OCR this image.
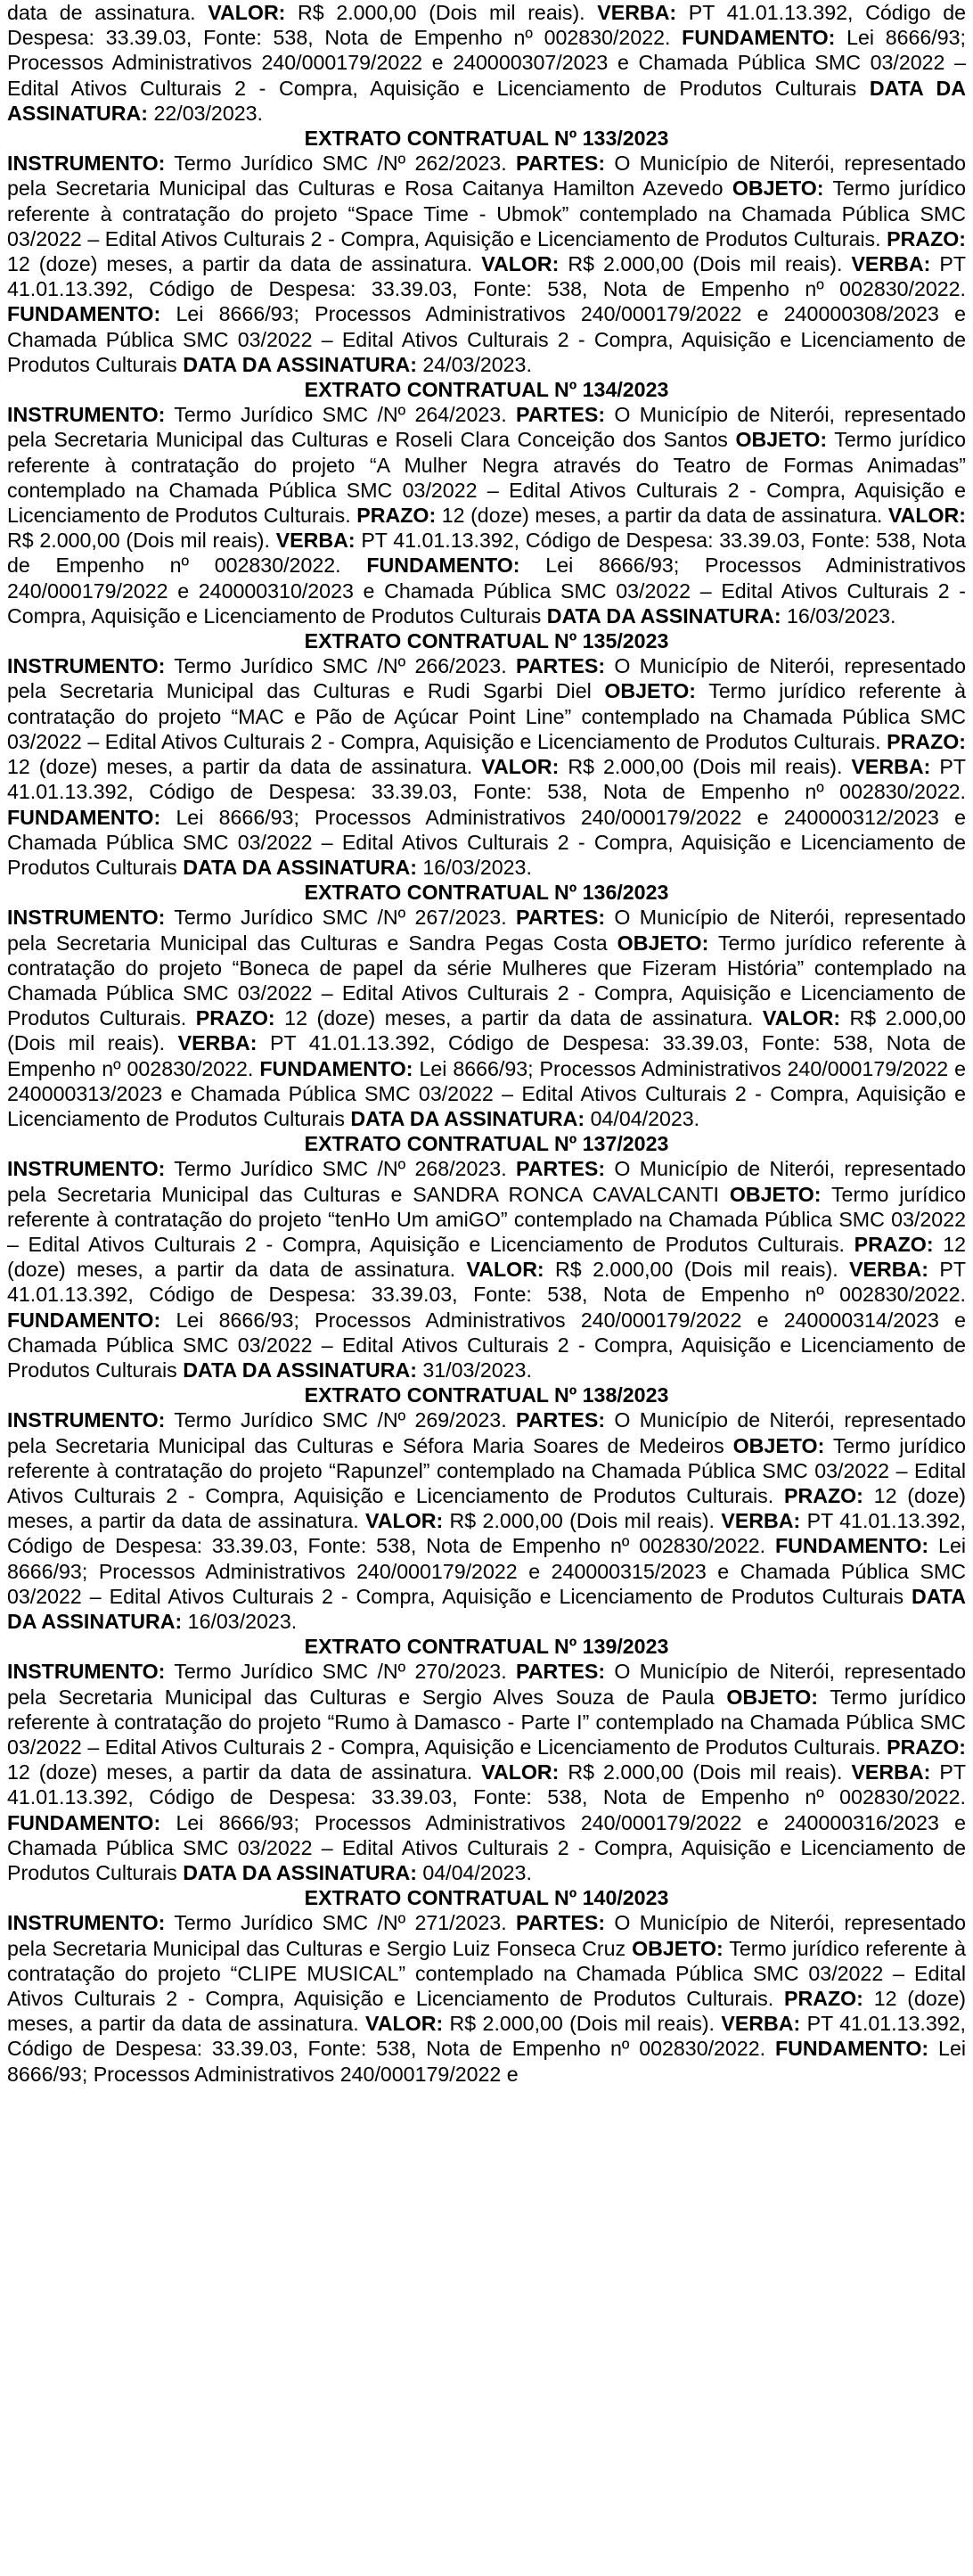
data de assinatura. VALOR: R$ 2.000,00 (Dois mil reais). VERBA: PT 41.01.13.392, Código de Despesa: 33.39.03, Fonte: 538, Nota de Empenho nº 002830/2022. FUNDAMENTO: Lei 8666/93; Processos Administrativos 240/000179/2022 e 240000307/2023 e Chamada Pública SMC 03/2022 – Edital Ativos Culturais 2 - Compra, Aquisição e Licenciamento de Produtos Culturais DATA DA ASSINATURA: 22/03/2023.

EXTRATO CONTRATUAL Nº 133/2023

INSTRUMENTO: Termo Jurídico SMC /Nº 262/2023. PARTES: O Município de Niterói, representado pela Secretaria Municipal das Culturas e Rosa Caitanya Hamilton Azevedo OBJETO: Termo jurídico referente à contratação do projeto “Space Time - Ubmok” contemplado na Chamada Pública SMC 03/2022 – Edital Ativos Culturais 2 - Compra, Aquisição e Licenciamento de Produtos Culturais. PRAZO: 12 (doze) meses, a partir da data de assinatura. VALOR: R$ 2.000,00 (Dois mil reais). VERBA: PT 41.01.13.392, Código de Despesa: 33.39.03, Fonte: 538, Nota de Empenho nº 002830/2022. FUNDAMENTO: Lei 8666/93; Processos Administrativos 240/000179/2022 e 240000308/2023 e Chamada Pública SMC 03/2022 – Edital Ativos Culturais 2 - Compra, Aquisição e Licenciamento de Produtos Culturais DATA DA ASSINATURA: 24/03/2023.

EXTRATO CONTRATUAL Nº 134/2023

INSTRUMENTO: Termo Jurídico SMC /Nº 264/2023. PARTES: O Município de Niterói, representado pela Secretaria Municipal das Culturas e Roseli Clara Conceição dos Santos OBJETO: Termo jurídico referente à contratação do projeto “A Mulher Negra através do Teatro de Formas Animadas” contemplado na Chamada Pública SMC 03/2022 – Edital Ativos Culturais 2 - Compra, Aquisição e Licenciamento de Produtos Culturais. PRAZO: 12 (doze) meses, a partir da data de assinatura. VALOR: R$ 2.000,00 (Dois mil reais). VERBA: PT 41.01.13.392, Código de Despesa: 33.39.03, Fonte: 538, Nota de Empenho nº 002830/2022. FUNDAMENTO: Lei 8666/93; Processos Administrativos 240/000179/2022 e 240000310/2023 e Chamada Pública SMC 03/2022 – Edital Ativos Culturais 2 - Compra, Aquisição e Licenciamento de Produtos Culturais DATA DA ASSINATURA: 16/03/2023.

EXTRATO CONTRATUAL Nº 135/2023

INSTRUMENTO: Termo Jurídico SMC /Nº 266/2023. PARTES: O Município de Niterói, representado pela Secretaria Municipal das Culturas e Rudi Sgarbi Diel OBJETO: Termo jurídico referente à contratação do projeto “MAC e Pão de Açúcar Point Line” contemplado na Chamada Pública SMC 03/2022 – Edital Ativos Culturais 2 - Compra, Aquisição e Licenciamento de Produtos Culturais. PRAZO: 12 (doze) meses, a partir da data de assinatura. VALOR: R$ 2.000,00 (Dois mil reais). VERBA: PT 41.01.13.392, Código de Despesa: 33.39.03, Fonte: 538, Nota de Empenho nº 002830/2022. FUNDAMENTO: Lei 8666/93; Processos Administrativos 240/000179/2022 e 240000312/2023 e Chamada Pública SMC 03/2022 – Edital Ativos Culturais 2 - Compra, Aquisição e Licenciamento de Produtos Culturais DATA DA ASSINATURA: 16/03/2023.

EXTRATO CONTRATUAL Nº 136/2023

INSTRUMENTO: Termo Jurídico SMC /Nº 267/2023. PARTES: O Município de Niterói, representado pela Secretaria Municipal das Culturas e Sandra Pegas Costa OBJETO: Termo jurídico referente à contratação do projeto “Boneca de papel da série Mulheres que Fizeram História” contemplado na Chamada Pública SMC 03/2022 – Edital Ativos Culturais 2 - Compra, Aquisição e Licenciamento de Produtos Culturais. PRAZO: 12 (doze) meses, a partir da data de assinatura. VALOR: R$ 2.000,00 (Dois mil reais). VERBA: PT 41.01.13.392, Código de Despesa: 33.39.03, Fonte: 538, Nota de Empenho nº 002830/2022. FUNDAMENTO: Lei 8666/93; Processos Administrativos 240/000179/2022 e 240000313/2023 e Chamada Pública SMC 03/2022 – Edital Ativos Culturais 2 - Compra, Aquisição e Licenciamento de Produtos Culturais DATA DA ASSINATURA: 04/04/2023.

EXTRATO CONTRATUAL Nº 137/2023

INSTRUMENTO: Termo Jurídico SMC /Nº 268/2023. PARTES: O Município de Niterói, representado pela Secretaria Municipal das Culturas e SANDRA RONCA CAVALCANTI OBJETO: Termo jurídico referente à contratação do projeto “tenHo Um amiGO” contemplado na Chamada Pública SMC 03/2022 – Edital Ativos Culturais 2 - Compra, Aquisição e Licenciamento de Produtos Culturais. PRAZO: 12 (doze) meses, a partir da data de assinatura. VALOR: R$ 2.000,00 (Dois mil reais). VERBA: PT 41.01.13.392, Código de Despesa: 33.39.03, Fonte: 538, Nota de Empenho nº 002830/2022. FUNDAMENTO: Lei 8666/93; Processos Administrativos 240/000179/2022 e 240000314/2023 e Chamada Pública SMC 03/2022 – Edital Ativos Culturais 2 - Compra, Aquisição e Licenciamento de Produtos Culturais DATA DA ASSINATURA: 31/03/2023.

EXTRATO CONTRATUAL Nº 138/2023

INSTRUMENTO: Termo Jurídico SMC /Nº 269/2023. PARTES: O Município de Niterói, representado pela Secretaria Municipal das Culturas e Séfora Maria Soares de Medeiros OBJETO: Termo jurídico referente à contratação do projeto “Rapunzel” contemplado na Chamada Pública SMC 03/2022 – Edital Ativos Culturais 2 - Compra, Aquisição e Licenciamento de Produtos Culturais. PRAZO: 12 (doze) meses, a partir da data de assinatura. VALOR: R$ 2.000,00 (Dois mil reais). VERBA: PT 41.01.13.392, Código de Despesa: 33.39.03, Fonte: 538, Nota de Empenho nº 002830/2022. FUNDAMENTO: Lei 8666/93; Processos Administrativos 240/000179/2022 e 240000315/2023 e Chamada Pública SMC 03/2022 – Edital Ativos Culturais 2 - Compra, Aquisição e Licenciamento de Produtos Culturais DATA DA ASSINATURA: 16/03/2023.

EXTRATO CONTRATUAL Nº 139/2023

INSTRUMENTO: Termo Jurídico SMC /Nº 270/2023. PARTES: O Município de Niterói, representado pela Secretaria Municipal das Culturas e Sergio Alves Souza de Paula OBJETO: Termo jurídico referente à contratação do projeto “Rumo à Damasco - Parte I” contemplado na Chamada Pública SMC 03/2022 – Edital Ativos Culturais 2 - Compra, Aquisição e Licenciamento de Produtos Culturais. PRAZO: 12 (doze) meses, a partir da data de assinatura. VALOR: R$ 2.000,00 (Dois mil reais). VERBA: PT 41.01.13.392, Código de Despesa: 33.39.03, Fonte: 538, Nota de Empenho nº 002830/2022. FUNDAMENTO: Lei 8666/93; Processos Administrativos 240/000179/2022 e 240000316/2023 e Chamada Pública SMC 03/2022 – Edital Ativos Culturais 2 - Compra, Aquisição e Licenciamento de Produtos Culturais DATA DA ASSINATURA: 04/04/2023.

EXTRATO CONTRATUAL Nº 140/2023

INSTRUMENTO: Termo Jurídico SMC /Nº 271/2023. PARTES: O Município de Niterói, representado pela Secretaria Municipal das Culturas e Sergio Luiz Fonseca Cruz OBJETO: Termo jurídico referente à contratação do projeto “CLIPE MUSICAL” contemplado na Chamada Pública SMC 03/2022 – Edital Ativos Culturais 2 - Compra, Aquisição e Licenciamento de Produtos Culturais. PRAZO: 12 (doze) meses, a partir da data de assinatura. VALOR: R$ 2.000,00 (Dois mil reais). VERBA: PT 41.01.13.392, Código de Despesa: 33.39.03, Fonte: 538, Nota de Empenho nº 002830/2022. FUNDAMENTO: Lei 8666/93; Processos Administrativos 240/000179/2022 e
